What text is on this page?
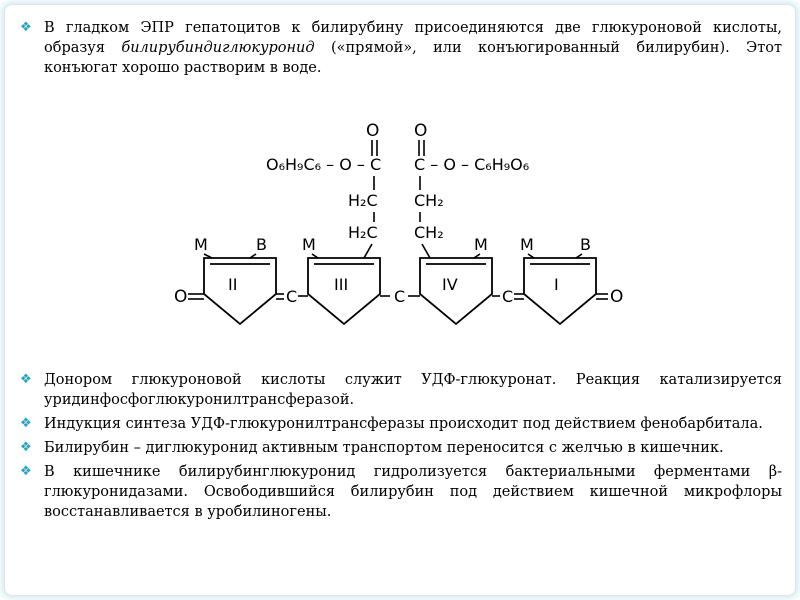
❖ В гладком ЭПР гепатоцитов к билирубину присоединяются две глюкуроновой кислоты, образуя билирубиндиглюкуронид («прямой», или конъюгированный билирубин). Этот конъюгат хорошо растворим в воде.
O O
O₆H₉C₆ – O – C C – O – C₆H₉O₆
H₂C CH₂
H₂C CH₂
M	B M	M M	B
II	III	IV	I
O	C	C	C	O
❖ Донором глюкуроновой кислоты служит УДФ-глюкуронат. Реакция катализируется уридинфосфоглюкуронилтрансферазой.
❖ Индукция синтеза УДФ-глюкуронилтрансферазы происходит под действием фенобарбитала.
❖ Билирубин – диглюкуронид активным транспортом переносится с желчью в кишечник.
❖ В кишечнике билирубинглюкуронид гидролизуется бактериальными ферментами β-глюкуронидазами. Освободившийся билирубин под действием кишечной микрофлоры восстанавливается в уробилиногены.
